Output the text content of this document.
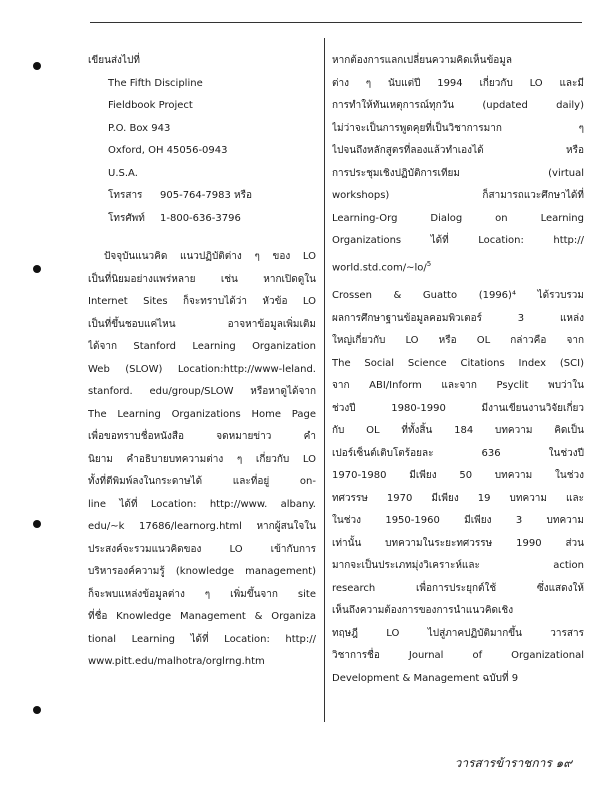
เขียนส่งไปที่
The Fifth Discipline
Fieldbook Project
P.O. Box 943
Oxford, OH 45056-0943
U.S.A.
โทรสาร	905-764-7983 หรือ
โทรศัพท์	1-800-636-3796
ปัจจุบันแนวคิด แนวปฏิบัติต่าง ๆ ของ LO
เป็นที่นิยมอย่างแพร่หลาย เช่น หากเปิดดูใน
Internet Sites ก็จะทราบได้ว่า หัวข้อ LO
เป็นที่ขึ้นชอบแค่ไหน อาจหาข้อมูลเพิ่มเติม
ได้จาก Stanford Learning Organization
Web (SLOW) Location:http://www-leland.
stanford. edu/group/SLOW หรือหาดูได้จาก
The Learning Organizations Home Page
เพื่อขอทราบชื่อหนังสือ จดหมายข่าว คำ
นิยาม คำอธิบายบทความต่าง ๆ เกี่ยวกับ LO
ทั้งที่ตีพิมพ์ลงในกระดาษได้ และที่อยู่ on-
line ได้ที่ Location: http://www. albany.
edu/~k 17686/learnorg.html หากผู้สนใจใน
ประสงค์จะรวมแนวคิดของ LO เข้ากับการ
บริหารองค์ความรู้ (knowledge management)
ก็จะพบแหล่งข้อมูลต่าง ๆ เพิ่มขึ้นจาก site
ที่ชื่อ Knowledge Management & Organiza
tional Learning ได้ที่ Location: http://
www.pitt.edu/malhotra/orglrng.htm
หากต้องการแลกเปลี่ยนความคิดเห็นข้อมูล
ต่าง ๆ นับแต่ปี 1994 เกี่ยวกับ LO และมี
การทำให้ทันเหตุการณ์ทุกวัน (updated daily)
ไม่ว่าจะเป็นการพูดคุยที่เป็นวิชาการมาก ๆ
ไปจนถึงหลักสูตรที่ลองแล้วทำเองได้ หรือ
การประชุมเชิงปฏิบัติการเทียม (virtual
workshops) ก็สามารถแวะศึกษาได้ที่
Learning-Org Dialog on Learning
Organizations ได้ที่ Location: http://
world.std.com/~lo/$^5$
Crossen & Guatto (1996)⁴ ได้รวบรวม
ผลการศึกษาฐานข้อมูลคอมพิวเตอร์ 3 แหล่ง
ใหญ่เกี่ยวกับ LO หรือ OL กล่าวคือ จาก
The Social Science Citations Index (SCI)
จาก ABI/Inform และจาก Psyclit พบว่าใน
ช่วงปี 1980-1990 มีงานเขียนงานวิจัยเกี่ยว
กับ OL ที่ทั้งสิ้น 184 บทความ คิดเป็น
เปอร์เซ็นต์เติบโตร้อยละ 636 ในช่วงปี
1970-1980 มีเพียง 50 บทความ ในช่วง
ทศวรรษ 1970 มีเพียง 19 บทความ และ
ในช่วง 1950-1960 มีเพียง 3 บทความ
เท่านั้น บทความในระยะทศวรรษ 1990 ส่วน
มากจะเป็นประเภทมุ่งวิเคราะห์และ action
research เพื่อการประยุกต์ใช้ ซึ่งแสดงให้
เห็นถึงความต้องการของการนำแนวคิดเชิง
ทฤษฎี LO ไปสู่ภาคปฏิบัติมากขึ้น วารสาร
วิชาการชื่อ Journal of Organizational
Development & Management ฉบับที่ 9
วารสารข้าราชการ ๑๙
